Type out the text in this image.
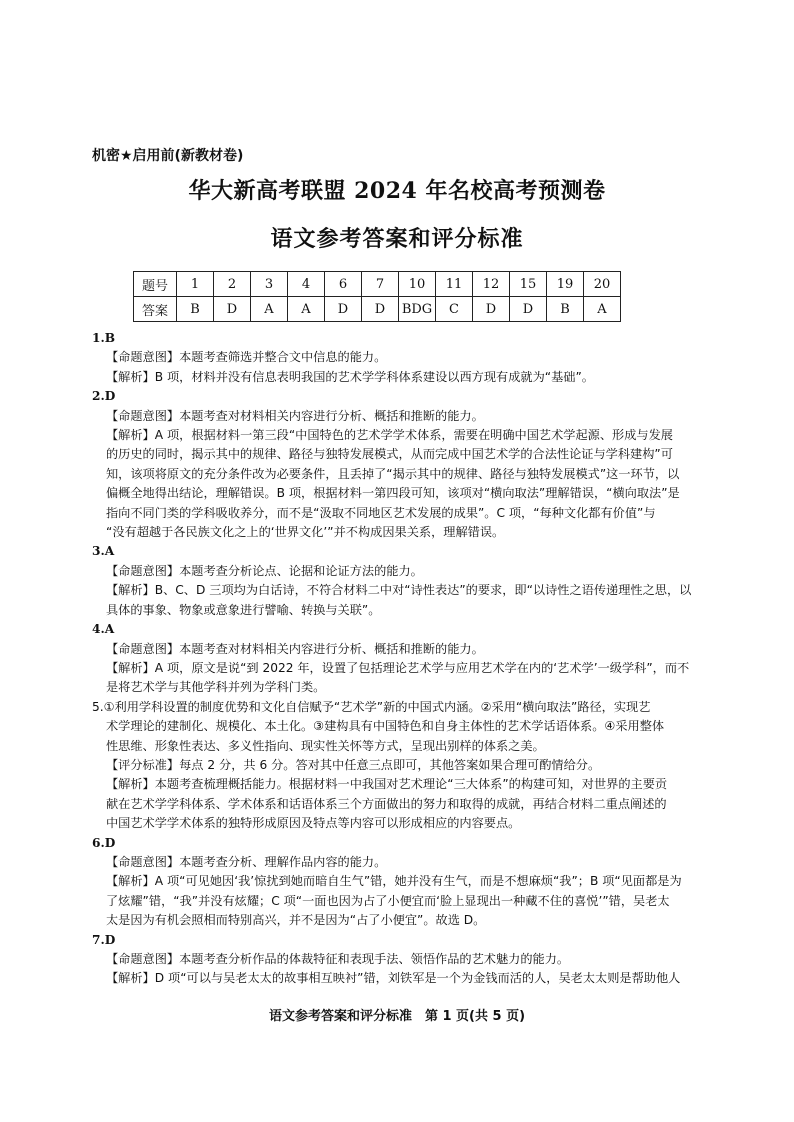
机密★启用前(新教材卷)
华大新高考联盟 2024 年名校高考预测卷
语文参考答案和评分标准
题号	1	2	3	4	6	7	10	11	12	15	19	20
答案	B	D	A	A	D	D	BDG	C	D	D	B	A
1.B
【命题意图】本题考查筛选并整合文中信息的能力。
【解析】B 项，材料并没有信息表明我国的艺术学学科体系建设以西方现有成就为“基础”。
2.D
【命题意图】本题考查对材料相关内容进行分析、概括和推断的能力。
【解析】A 项，根据材料一第三段“中国特色的艺术学学术体系，需要在明确中国艺术学起源、形成与发展
的历史的同时，揭示其中的规律、路径与独特发展模式，从而完成中国艺术学的合法性论证与学科建构”可
知，该项将原文的充分条件改为必要条件，且丢掉了“揭示其中的规律、路径与独特发展模式”这一环节，以
偏概全地得出结论，理解错误。B 项，根据材料一第四段可知，该项对“横向取法”理解错误，“横向取法”是
指向不同门类的学科吸收养分，而不是“汲取不同地区艺术发展的成果”。C 项，“每种文化都有价值”与
“没有超越于各民族文化之上的‘世界文化’”并不构成因果关系，理解错误。
3.A
【命题意图】本题考查分析论点、论据和论证方法的能力。
【解析】B、C、D 三项均为白话诗，不符合材料二中对“诗性表达”的要求，即“以诗性之语传递理性之思，以
具体的事象、物象或意象进行譬喻、转换与关联”。
4.A
【命题意图】本题考查对材料相关内容进行分析、概括和推断的能力。
【解析】A 项，原文是说“到 2022 年，设置了包括理论艺术学与应用艺术学在内的‘艺术学’一级学科”，而不
是将艺术学与其他学科并列为学科门类。
5.①利用学科设置的制度优势和文化自信赋予“艺术学”新的中国式内涵。②采用“横向取法”路径，实现艺
术学理论的建制化、规模化、本土化。③建构具有中国特色和自身主体性的艺术学话语体系。④采用整体
性思维、形象性表达、多义性指向、现实性关怀等方式，呈现出别样的体系之美。
【评分标准】每点 2 分，共 6 分。答对其中任意三点即可，其他答案如果合理可酌情给分。
【解析】本题考查梳理概括能力。根据材料一中我国对艺术理论“三大体系”的构建可知，对世界的主要贡
献在艺术学学科体系、学术体系和话语体系三个方面做出的努力和取得的成就，再结合材料二重点阐述的
中国艺术学学术体系的独特形成原因及特点等内容可以形成相应的内容要点。
6.D
【命题意图】本题考查分析、理解作品内容的能力。
【解析】A 项“可见她因‘我’惊扰到她而暗自生气”错，她并没有生气，而是不想麻烦“我”；B 项“见面都是为
了炫耀”错，“我”并没有炫耀；C 项“一面也因为占了小便宜而‘脸上显现出一种藏不住的喜悦’”错，吴老太
太是因为有机会照相而特别高兴，并不是因为“占了小便宜”。故选 D。
7.D
【命题意图】本题考查分析作品的体裁特征和表现手法、领悟作品的艺术魅力的能力。
【解析】D 项“可以与吴老太太的故事相互映衬”错，刘铁军是一个为金钱而活的人，吴老太太则是帮助他人
语文参考答案和评分标准　第 1 页(共 5 页)
